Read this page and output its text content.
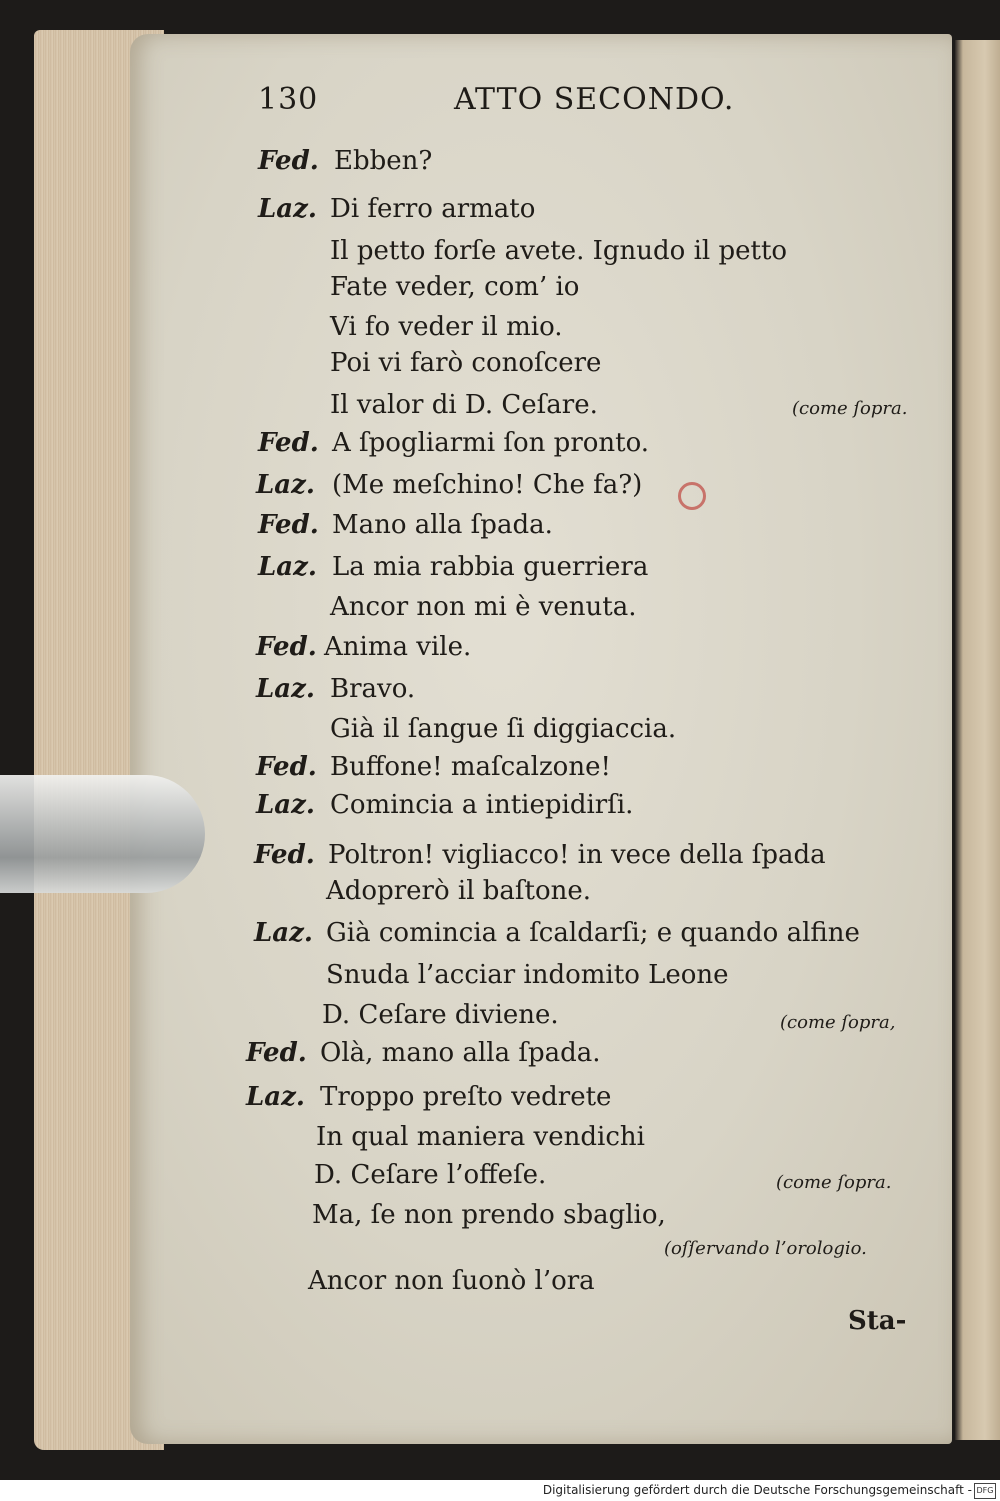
130	ATTO SECONDO.
Fed. Ebben?
Laz. Di ferro armato
Il petto forſe avete. Ignudo il petto
Fate veder, com’ io
Vi fo veder il mio.
Poi vi farò conoſcere
Il valor di D. Ceſare.
Fed. A ſpogliarmi ſon pronto.
Laz. (Me meſchino! Che fa?)
Fed. Mano alla ſpada.
Laz. La mia rabbia guerriera
Ancor non mi è venuta.
Fed. Anima vile.
Laz. Bravo.
Già il ſangue ſi diggiaccia.
Fed. Buffone! maſcalzone!
Laz. Comincia a intiepidirſi.
Fed. Poltron! vigliacco! in vece della ſpada
Adoprerò il baſtone.
Laz. Già comincia a ſcaldarſi; e quando alfine
Snuda l’acciar indomito Leone
D. Ceſare diviene.
Fed. Olà, mano alla ſpada.
Laz. Troppo preſto vedrete
In qual maniera vendichi
D. Ceſare l’offeſe.
Ma, ſe non prendo sbaglio,
Ancor non ſuonò l’ora
(come ſopra.
(come ſopra,
(come ſopra.
(oſſervando l’orologio.
Sta-
Digitalisierung gefördert durch die Deutsche Forschungsgemeinschaft - DFG
